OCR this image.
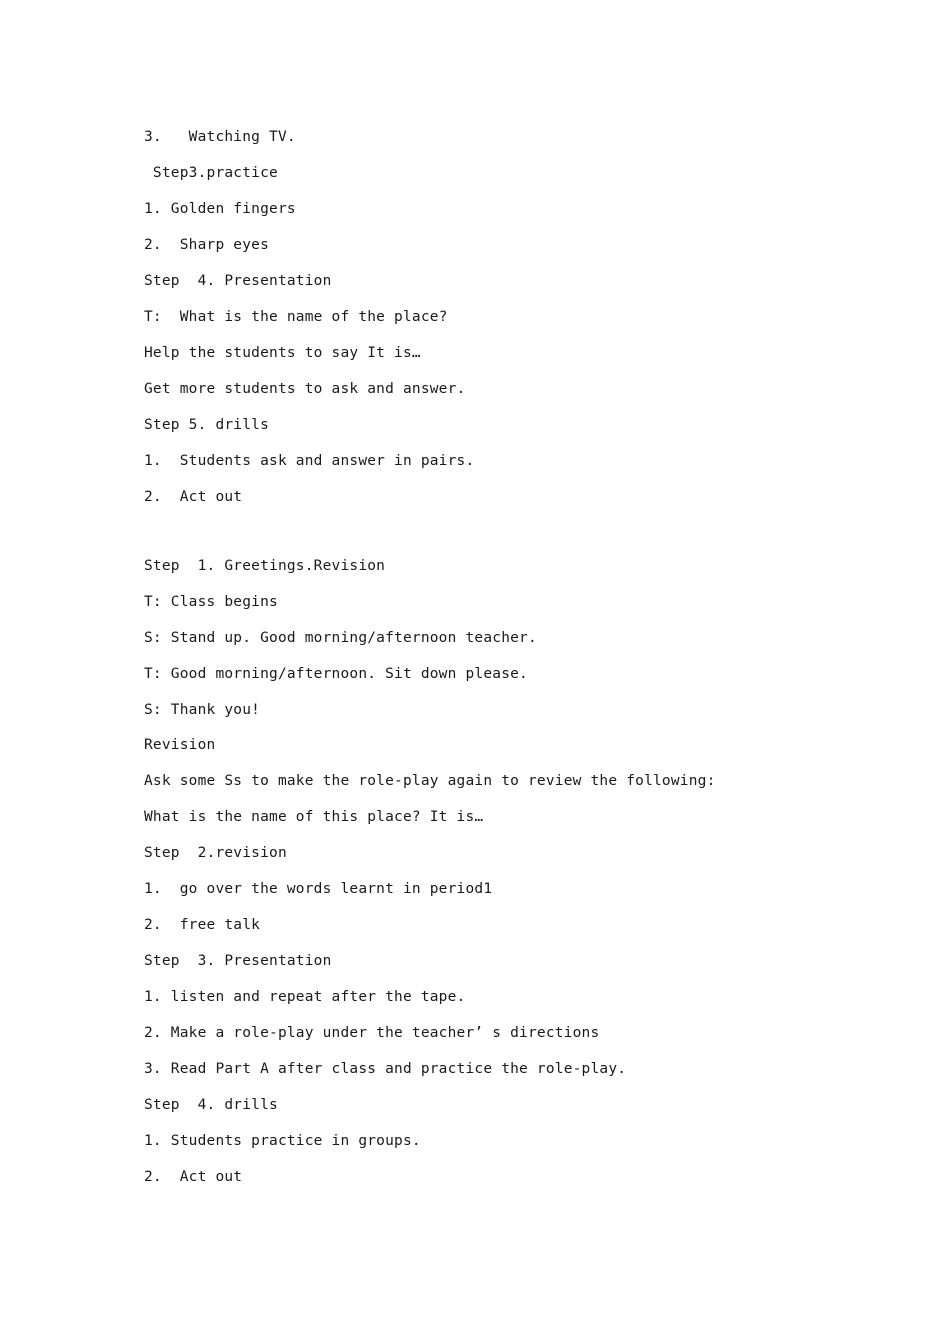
3.   Watching TV.
Step3.practice
1. Golden fingers
2.  Sharp eyes
Step  4. Presentation
T:  What is the name of the place?
Help the students to say It is…
Get more students to ask and answer.
Step 5. drills
1.  Students ask and answer in pairs.
2.  Act out
Step  1. Greetings.Revision
T: Class begins
S: Stand up. Good morning/afternoon teacher.
T: Good morning/afternoon. Sit down please.
S: Thank you!
Revision
Ask some Ss to make the role-play again to review the following:
What is the name of this place? It is…
Step  2.revision
1.  go over the words learnt in period1
2.  free talk
Step  3. Presentation
1. listen and repeat after the tape.
2. Make a role-play under the teacher’ s directions
3. Read Part A after class and practice the role-play.
Step  4. drills
1. Students practice in groups.
2.  Act out
